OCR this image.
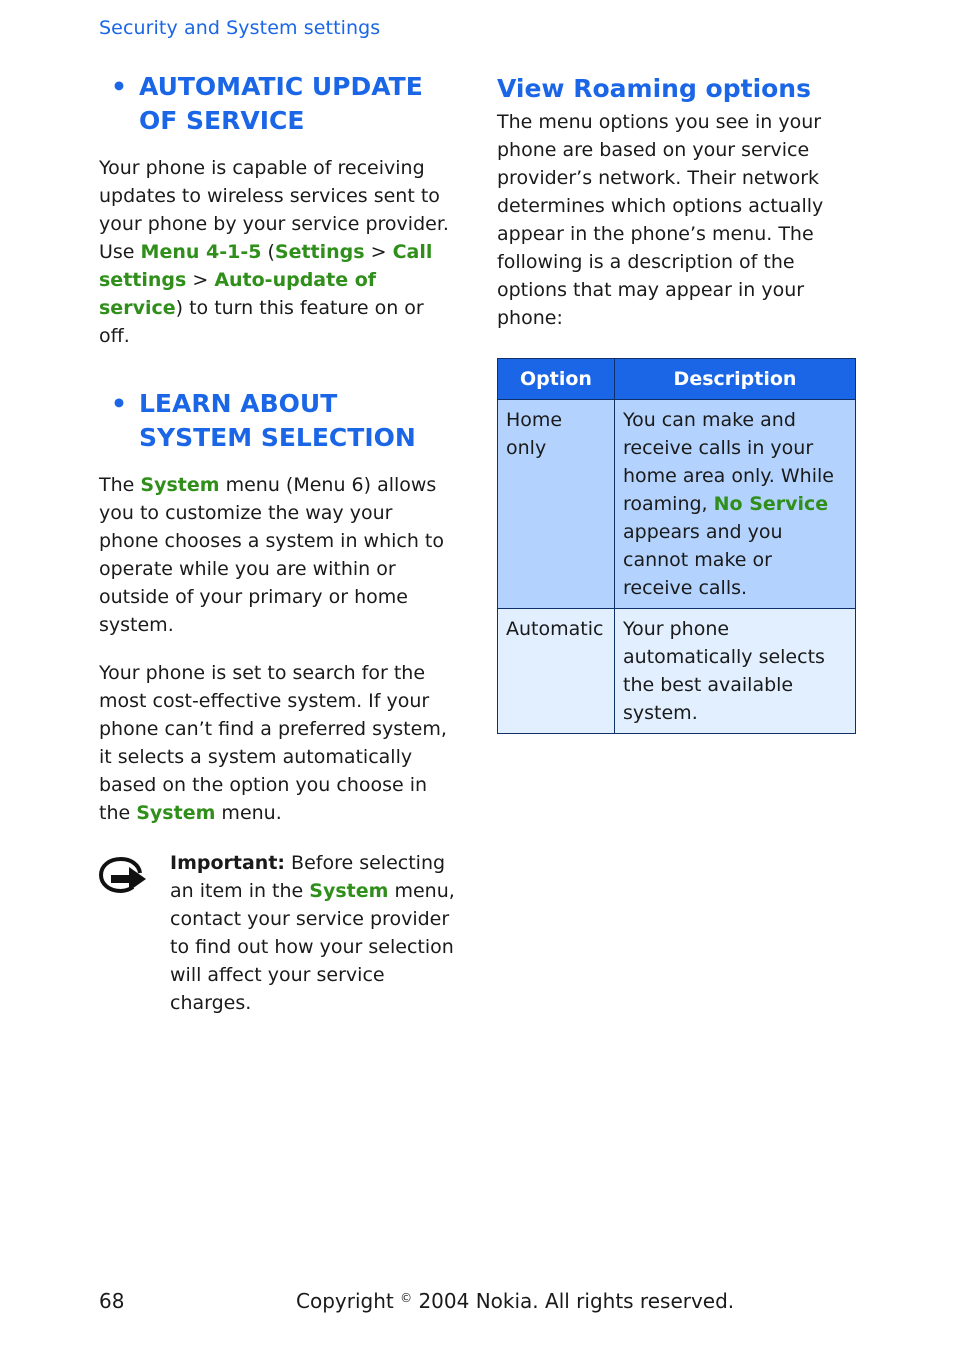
Security and System settings
• AUTOMATIC UPDATE OF SERVICE

Your phone is capable of receiving updates to wireless services sent to your phone by your service provider. Use Menu 4-1-5 (Settings > Call settings > Auto-update of service) to turn this feature on or off.

• LEARN ABOUT SYSTEM SELECTION

The System menu (Menu 6) allows you to customize the way your phone chooses a system in which to operate while you are within or outside of your primary or home system.

Your phone is set to search for the most cost-effective system. If your phone can’t find a preferred system, it selects a system automatically based on the option you choose in the System menu.

Important: Before selecting an item in the System menu, contact your service provider to find out how your selection will affect your service charges.

View Roaming options

The menu options you see in your phone are based on your service provider’s network. Their network determines which options actually appear in the phone’s menu. The following is a description of the options that may appear in your phone:

Option	Description
Home only	You can make and receive calls in your home area only. While roaming, No Service appears and you cannot make or receive calls.
Automatic	Your phone automatically selects the best available system.
68	Copyright © 2004 Nokia. All rights reserved.
